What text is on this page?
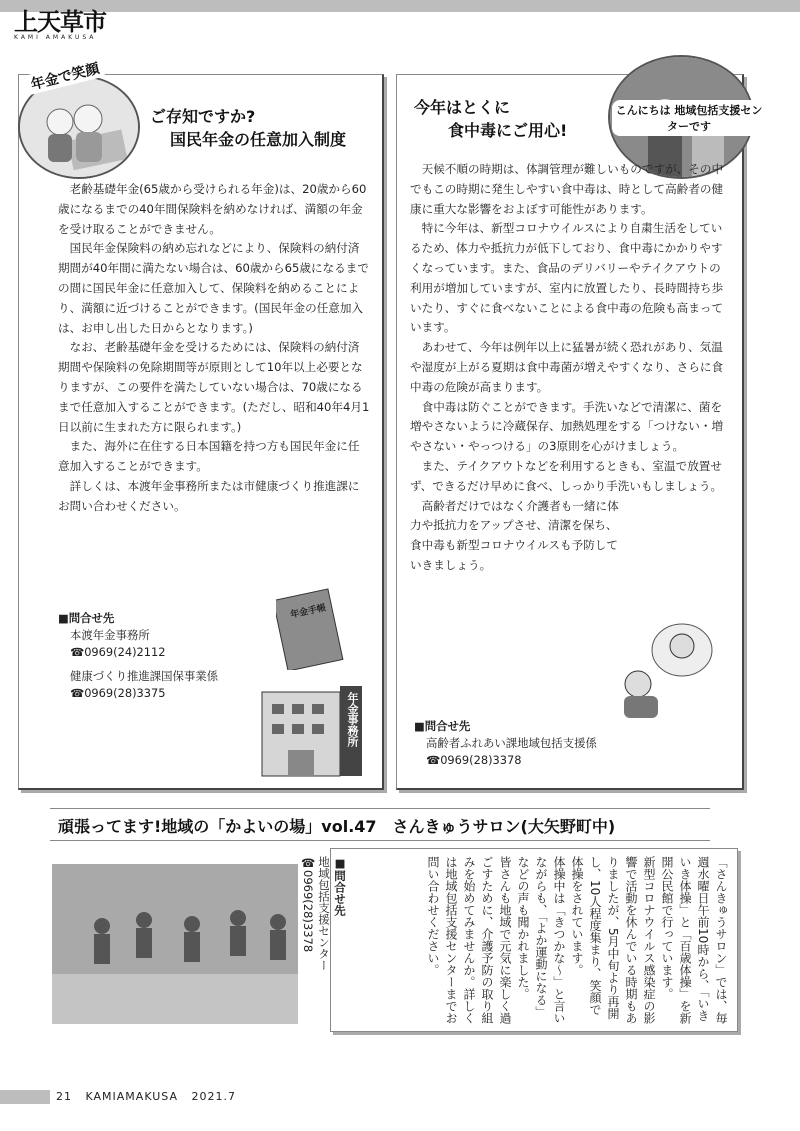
上天草市
KAMI AMAKUSA
年金で笑顔
ご存知ですか?
国民年金の任意加入制度

老齢基礎年金(65歳から受けられる年金)は、20歳から60歳になるまでの40年間保険料を納めなければ、満額の年金を受け取ることができません。

国民年金保険料の納め忘れなどにより、保険料の納付済期間が40年間に満たない場合は、60歳から65歳になるまでの間に国民年金に任意加入して、保険料を納めることにより、満額に近づけることができます。(国民年金の任意加入は、お申し出した日からとなります。)

なお、老齢基礎年金を受けるためには、保険料の納付済期間や保険料の免除期間等が原則として10年以上必要となりますが、この要件を満たしていない場合は、70歳になるまで任意加入することができます。(ただし、昭和40年4月1日以前に生まれた方に限られます。)

また、海外に在住する日本国籍を持つ方も国民年金に任意加入することができます。

詳しくは、本渡年金事務所または市健康づくり推進課にお問い合わせください。

■問合せ先
本渡年金事務所
☎0969(24)2112
健康づくり推進課国保事業係
☎0969(28)3375
年金手帳
年金事務所
こんにちは 地域包括支援センターです
今年はとくに
食中毒にご用心!

天候不順の時期は、体調管理が難しいものですが、その中でもこの時期に発生しやすい食中毒は、時として高齢者の健康に重大な影響をおよぼす可能性があります。

特に今年は、新型コロナウイルスにより自粛生活をしているため、体力や抵抗力が低下しており、食中毒にかかりやすくなっています。また、食品のデリバリーやテイクアウトの利用が増加していますが、室内に放置したり、長時間持ち歩いたり、すぐに食べないことによる食中毒の危険も高まっています。

あわせて、今年は例年以上に猛暑が続く恐れがあり、気温や湿度が上がる夏期は食中毒菌が増えやすくなり、さらに食中毒の危険が高まります。

食中毒は防ぐことができます。手洗いなどで清潔に、菌を増やさないように冷蔵保存、加熱処理をする「つけない・増やさない・やっつける」の3原則を心がけましょう。

また、テイクアウトなどを利用するときも、室温で放置せず、できるだけ早めに食べ、しっかり手洗いもしましょう。

高齢者だけではなく介護者も一緒に体力や抵抗力をアップさせ、清潔を保ち、食中毒も新型コロナウイルスも予防していきましょう。

■問合せ先
高齢者ふれあい課地域包括支援係
☎0969(28)3378
頑張ってます!地域の「かよいの場」vol.47　さんきゅうサロン(大矢野町中)
「さんきゅうサロン」では、毎週水曜日午前10時から、「いきいき体操」と「百歳体操」を新開公民館で行っています。
新型コロナウイルス感染症の影響で活動を休んでいる時期もありましたが、5月中旬より再開し、10人程度集まり、笑顔で体操をされています。
体操中は「きつかな～」と言いながらも、「よか運動になる」などの声も聞かれました。
皆さんも地域で元気に楽しく過ごすために、介護予防の取り組みを始めてみませんか。詳しくは地域包括支援センターまでお問い合わせください。
■問合せ先
地域包括支援センター
☎0969(28)3378
21 KAMIAMAKUSA 2021.7
